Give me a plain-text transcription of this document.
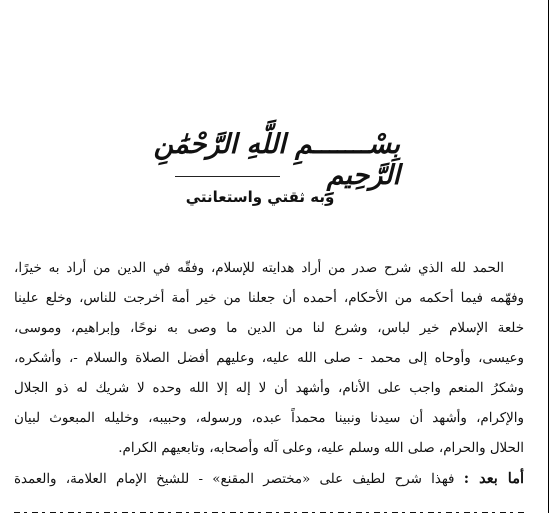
بِسْـــــــمِ اللَّهِ الرَّحْمَٰنِ الرَّحِيمِ
وبه ثقتي واستعانتي
الحمد لله الذي شرح صدر من أراد هدايته للإسلام، وفقّه في الدين من أراد به خيرًا،
وفهّمه فيما أحكمه من الأحكام، أحمده أن جعلنا من خير أمة أخرجت للناس، وخلع علينا
خلعة الإسلام خير لباس، وشرع لنا من الدين ما وصى به نوحًا، وإبراهيم، وموسى،
وعيسى، وأوحاه إلى محمد - صلى الله عليه، وعليهم أفضل الصلاة والسلام -، وأشكره،
وشكرُ المنعم واجب على الأنام، وأشهد أن لا إله إلا الله وحده لا شريك له ذو الجلال
والإكرام، وأشهد أن سيدنا ونبينا محمداً عبده، ورسوله، وحبيبه، وخليله المبعوث لبيان
الحلال والحرام، صلى الله وسلم عليه، وعلى آله وأصحابه، وتابعيهم الكرام.
أما بعد : فهذا شرح لطيف على «مختصر المقنع» - للشيخ الإمام العلامة، والعمدة
